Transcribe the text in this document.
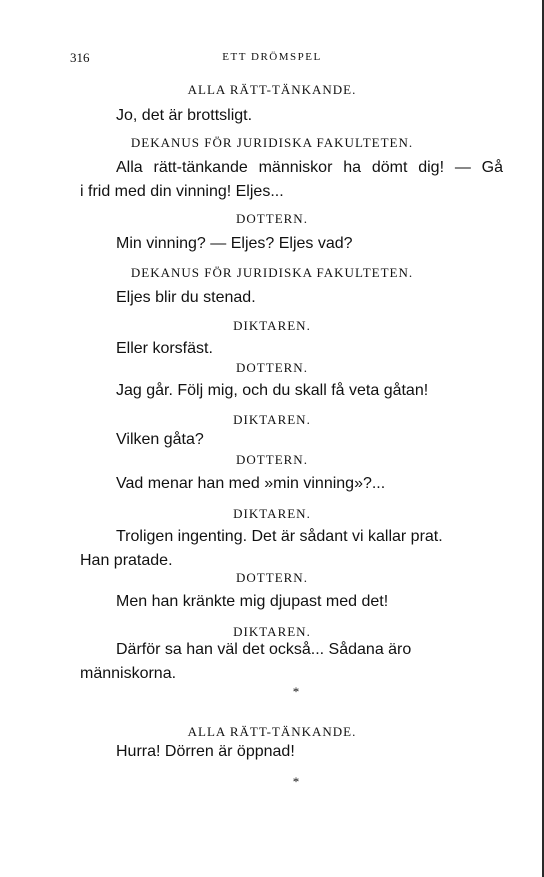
316	ETT DRÖMSPEL
ALLA RÄTT-TÄNKANDE.
Jo, det är brottsligt.
DEKANUS FÖR JURIDISKA FAKULTETEN.
Alla rätt-tänkande människor ha dömt dig! — Gå
i frid med din vinning! Eljes...
DOTTERN.
Min vinning? — Eljes? Eljes vad?
DEKANUS FÖR JURIDISKA FAKULTETEN.
Eljes blir du stenad.
DIKTAREN.
Eller korsfäst.
DOTTERN.
Jag går. Följ mig, och du skall få veta gåtan!
DIKTAREN.
Vilken gåta?
DOTTERN.
Vad menar han med »min vinning»?...
DIKTAREN.
Troligen ingenting. Det är sådant vi kallar prat.
Han pratade.
DOTTERN.
Men han kränkte mig djupast med det!
DIKTAREN.
Därför sa han väl det också... Sådana äro
människorna.
*
ALLA RÄTT-TÄNKANDE.
Hurra! Dörren är öppnad!
*
